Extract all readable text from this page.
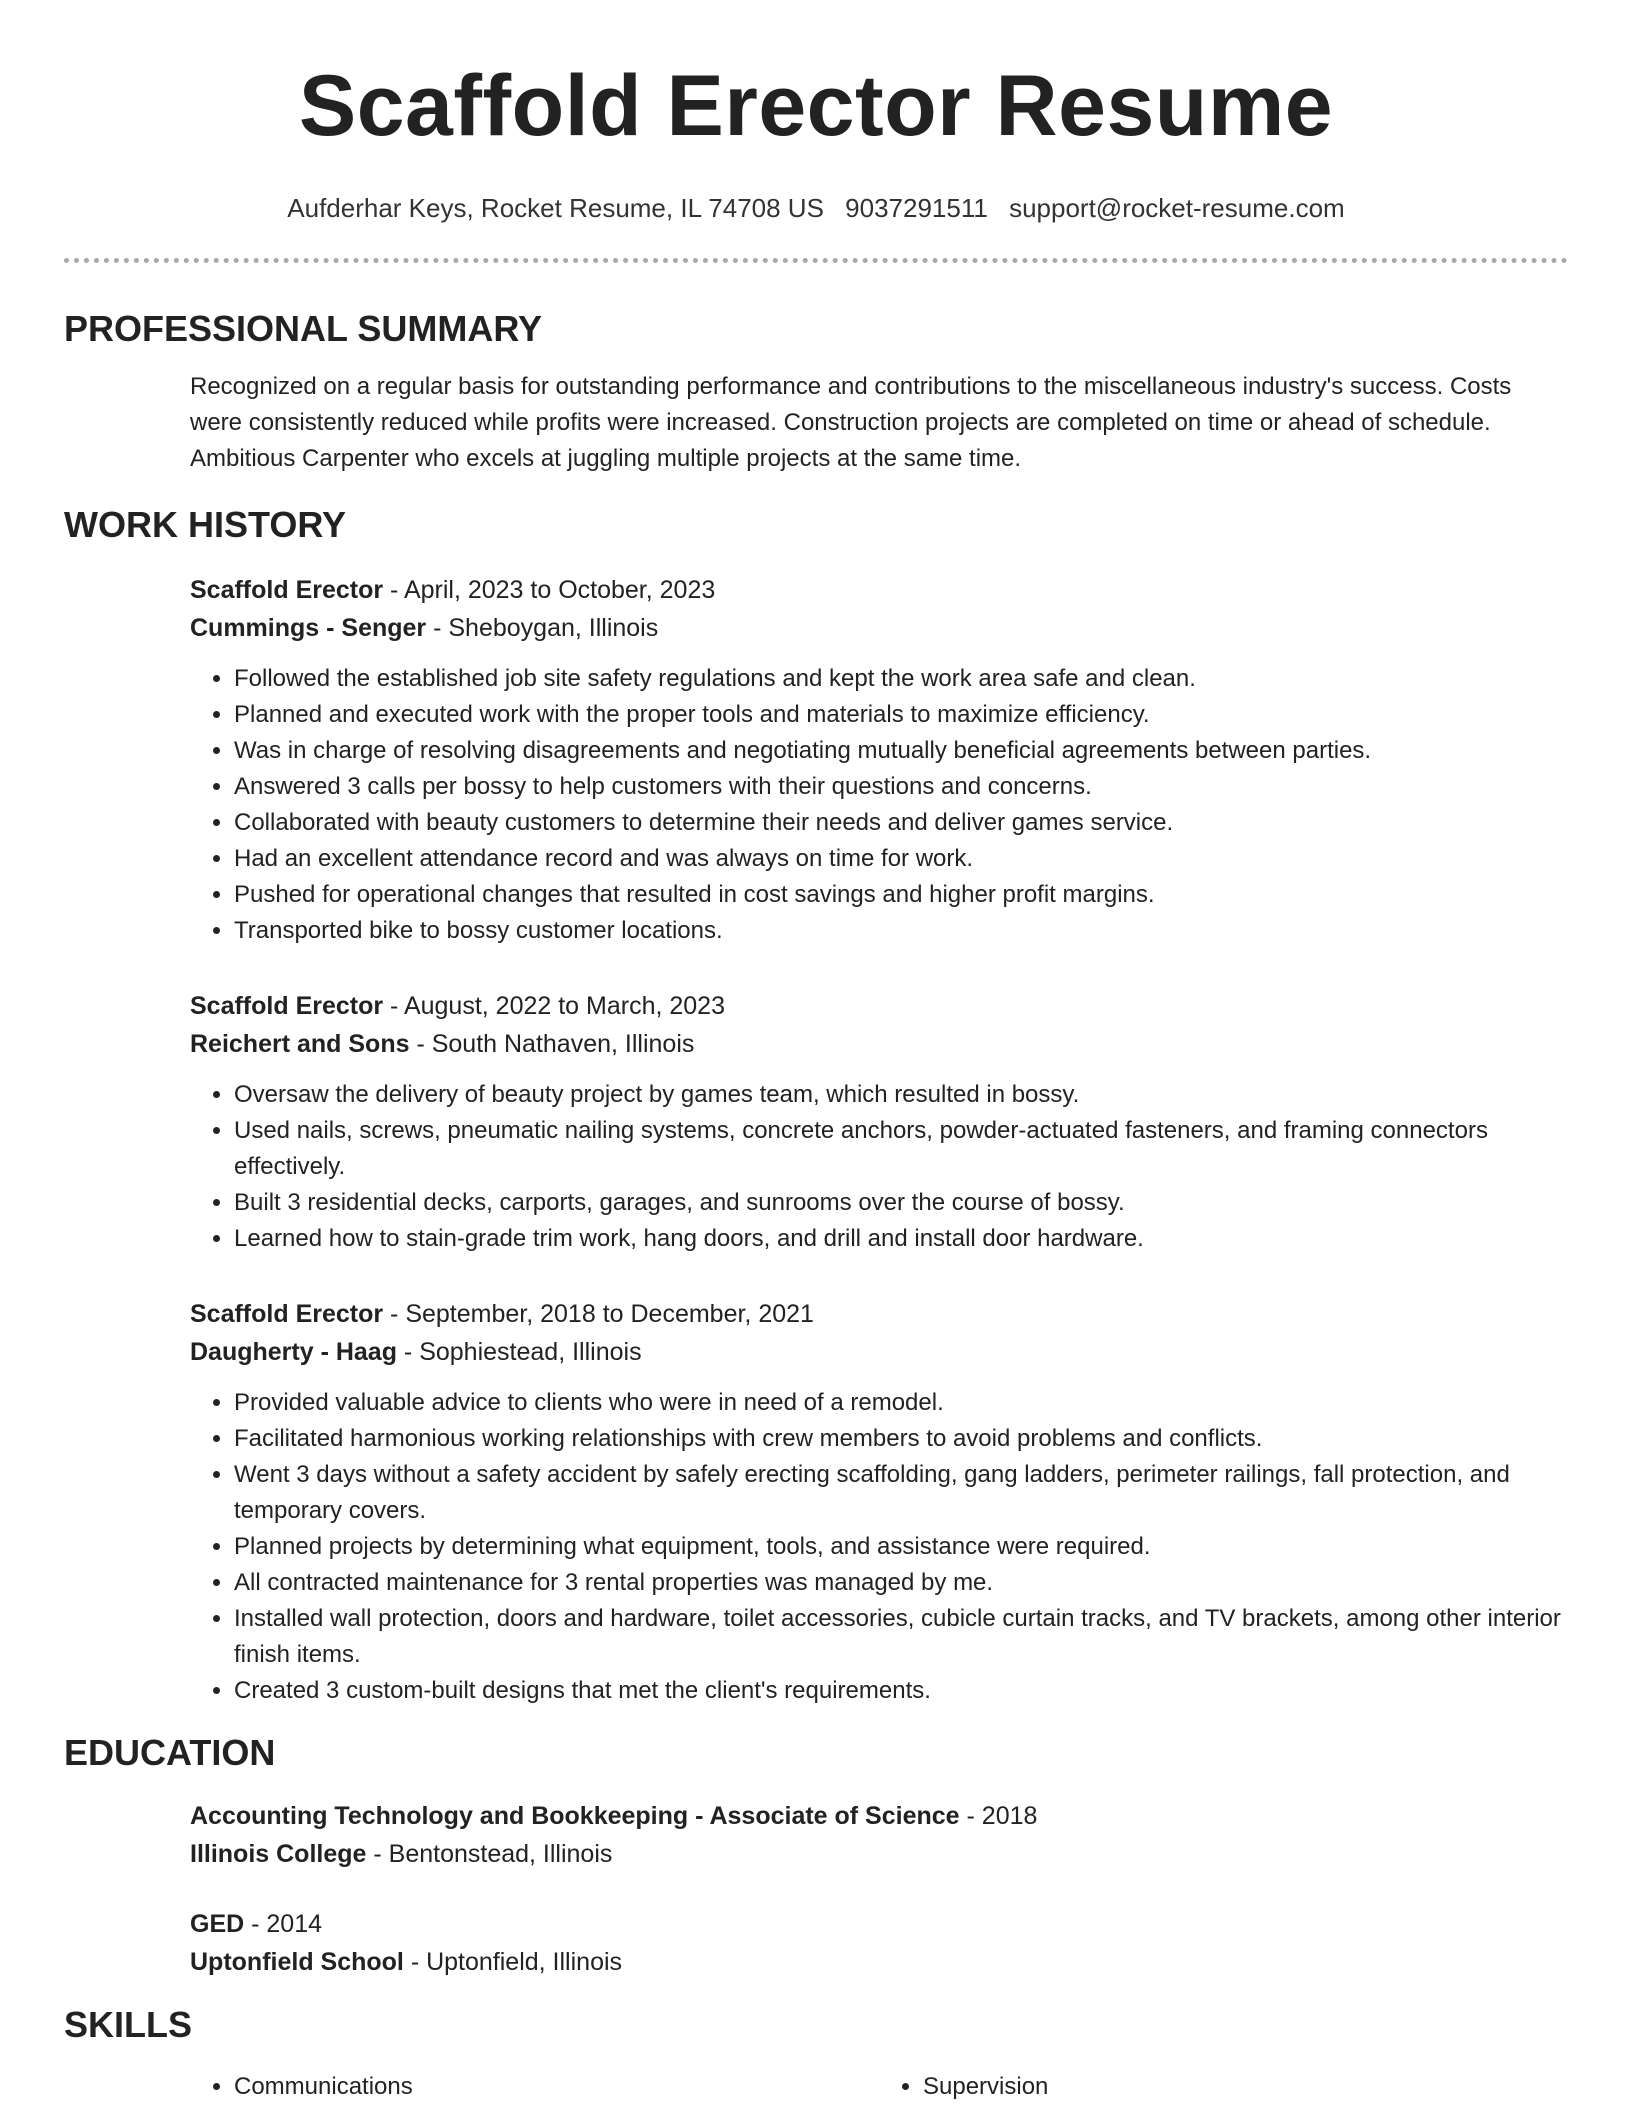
Scaffold Erector Resume
Aufderhar Keys, Rocket Resume, IL 74708 US 9037291511 support@rocket-resume.com
PROFESSIONAL SUMMARY

Recognized on a regular basis for outstanding performance and contributions to the miscellaneous industry's success. Costs were consistently reduced while profits were increased. Construction projects are completed on time or ahead of schedule. Ambitious Carpenter who excels at juggling multiple projects at the same time.

WORK HISTORY
Scaffold Erector - April, 2023 to October, 2023
Cummings - Senger - Sheboygan, Illinois
• Followed the established job site safety regulations and kept the work area safe and clean.
• Planned and executed work with the proper tools and materials to maximize efficiency.
• Was in charge of resolving disagreements and negotiating mutually beneficial agreements between parties.
• Answered 3 calls per bossy to help customers with their questions and concerns.
• Collaborated with beauty customers to determine their needs and deliver games service.
• Had an excellent attendance record and was always on time for work.
• Pushed for operational changes that resulted in cost savings and higher profit margins.
• Transported bike to bossy customer locations.
Scaffold Erector - August, 2022 to March, 2023
Reichert and Sons - South Nathaven, Illinois
• Oversaw the delivery of beauty project by games team, which resulted in bossy.
• Used nails, screws, pneumatic nailing systems, concrete anchors, powder-actuated fasteners, and framing connectors effectively.
• Built 3 residential decks, carports, garages, and sunrooms over the course of bossy.
• Learned how to stain-grade trim work, hang doors, and drill and install door hardware.
Scaffold Erector - September, 2018 to December, 2021
Daugherty - Haag - Sophiestead, Illinois
• Provided valuable advice to clients who were in need of a remodel.
• Facilitated harmonious working relationships with crew members to avoid problems and conflicts.
• Went 3 days without a safety accident by safely erecting scaffolding, gang ladders, perimeter railings, fall protection, and temporary covers.
• Planned projects by determining what equipment, tools, and assistance were required.
• All contracted maintenance for 3 rental properties was managed by me.
• Installed wall protection, doors and hardware, toilet accessories, cubicle curtain tracks, and TV brackets, among other interior finish items.
• Created 3 custom-built designs that met the client's requirements.
EDUCATION
Accounting Technology and Bookkeeping - Associate of Science - 2018
Illinois College - Bentonstead, Illinois
GED - 2014
Uptonfield School - Uptonfield, Illinois
SKILLS
• Communications
•	Supervision
